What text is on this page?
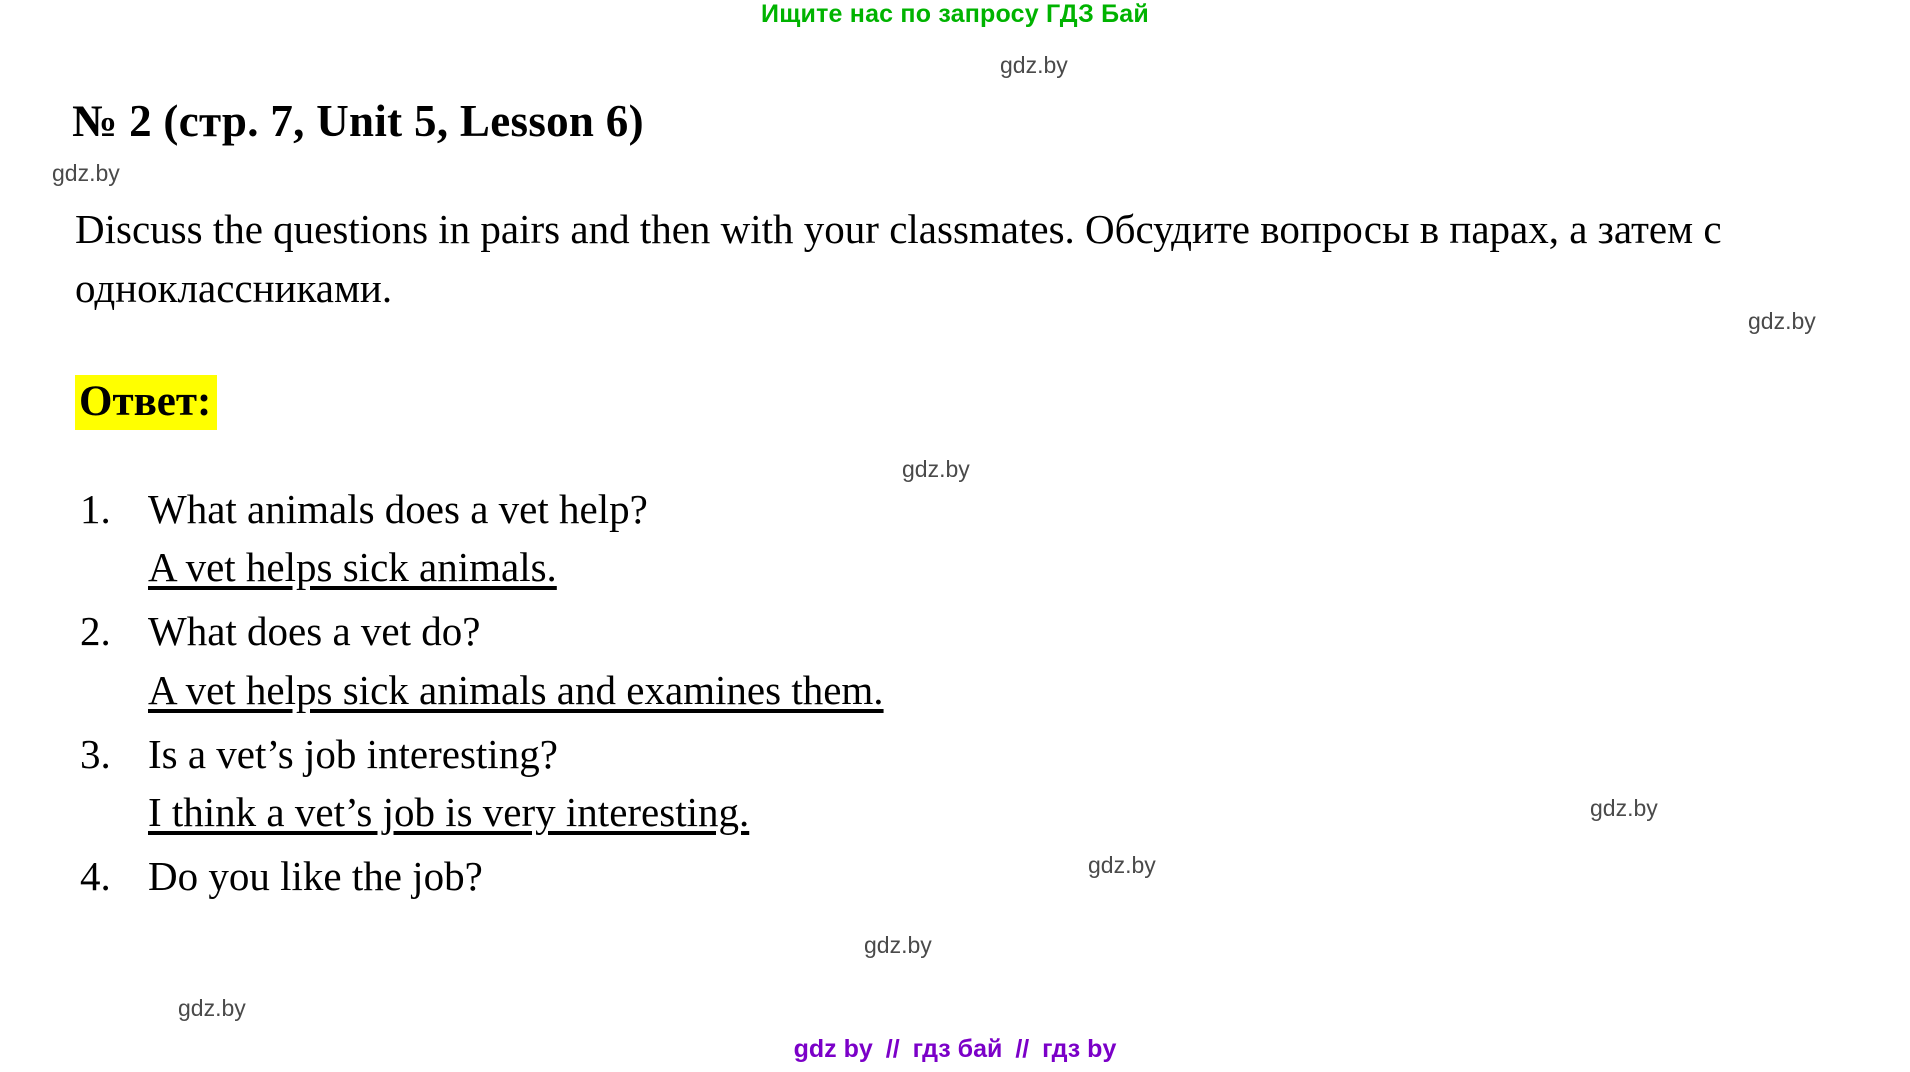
Ищите нас по запросу ГДЗ Бай
gdz.by
gdz.by
gdz.by
gdz.by
gdz.by
gdz.by
gdz.by
gdz.by
№ 2 (стр. 7, Unit 5, Lesson 6)
Discuss the questions in pairs and then with your classmates. Обсудите вопросы в парах, а затем с одноклассниками.
Ответ:
1. What animals does a vet help?
A vet helps sick animals.
2. What does a vet do?
A vet helps sick animals and examines them.
3. Is a vet’s job interesting?
I think a vet’s job is very interesting.
4. Do you like the job?
gdz by // гдз бай // гдз by
